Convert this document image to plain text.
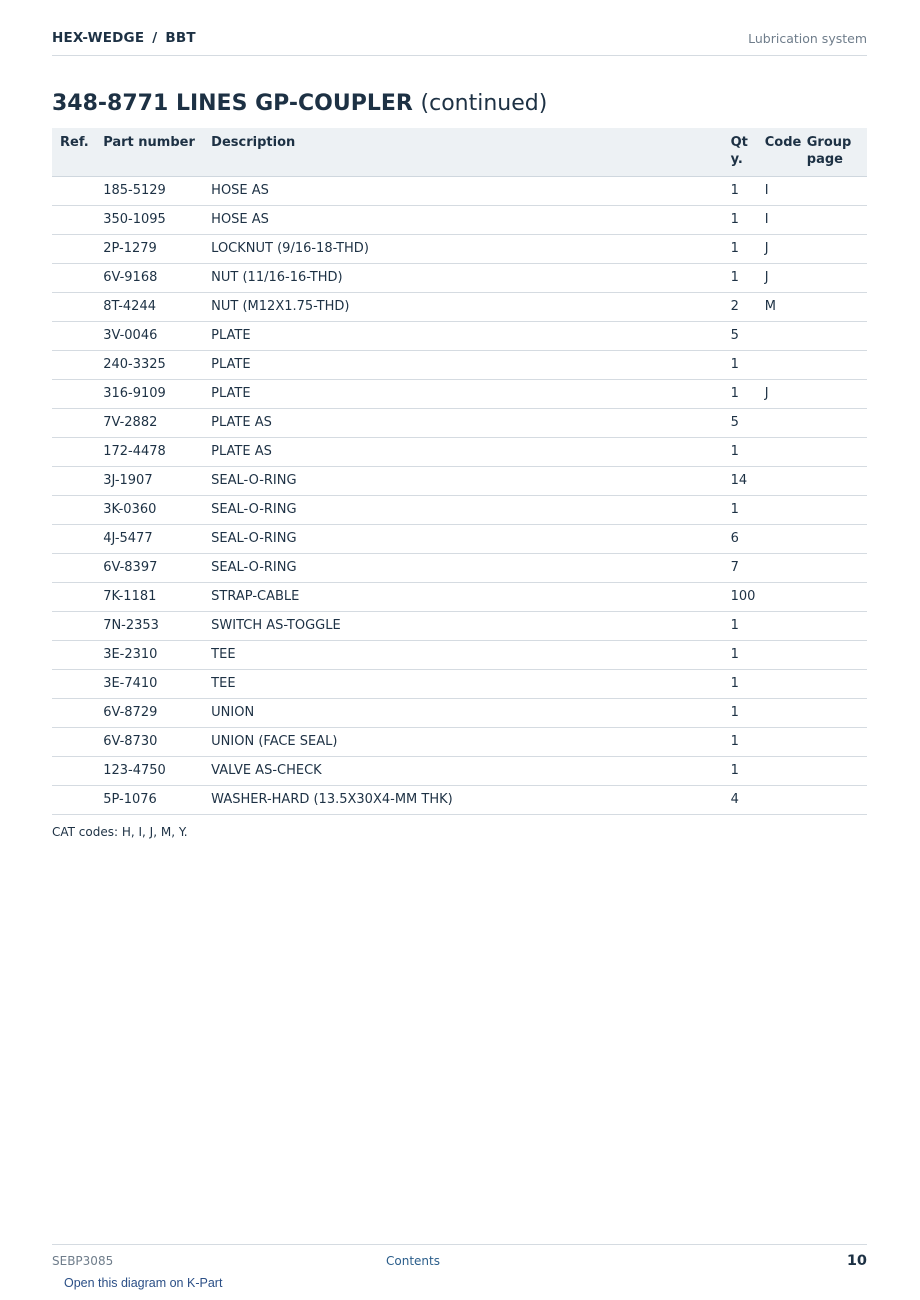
HEX-WEDGE / BBT	Lubrication system
348-8771 LINES GP-COUPLER (continued)
Ref.	Part number	Description	Qty.	Code	Group page
	185-5129	HOSE AS	1	I	
	350-1095	HOSE AS	1	I	
	2P-1279	LOCKNUT (9/16-18-THD)	1	J	
	6V-9168	NUT (11/16-16-THD)	1	J	
	8T-4244	NUT (M12X1.75-THD)	2	M	
	3V-0046	PLATE	5		
	240-3325	PLATE	1		
	316-9109	PLATE	1	J	
	7V-2882	PLATE AS	5		
	172-4478	PLATE AS	1		
	3J-1907	SEAL-O-RING	14		
	3K-0360	SEAL-O-RING	1		
	4J-5477	SEAL-O-RING	6		
	6V-8397	SEAL-O-RING	7		
	7K-1181	STRAP-CABLE	100		
	7N-2353	SWITCH AS-TOGGLE	1		
	3E-2310	TEE	1		
	3E-7410	TEE	1		
	6V-8729	UNION	1		
	6V-8730	UNION (FACE SEAL)	1		
	123-4750	VALVE AS-CHECK	1		
	5P-1076	WASHER-HARD (13.5X30X4-MM THK)	4		
CAT codes: H, I, J, M, Y.
SEBP3085	Contents	10
Open this diagram on K-Part
